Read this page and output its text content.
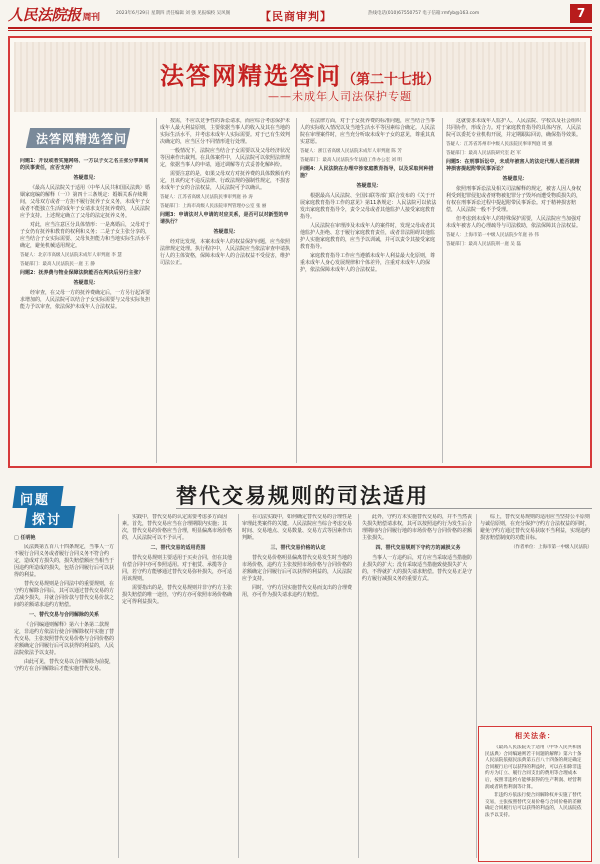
人民法院报 周刊	2023年6月29日 星期四 责任编辑 刘 强 见报编校 吴风阁	【民商审判】	热线电话(010)67550757 电子信箱:rmfyb@163.com	7
法答网精选答问（第二十七批）
——未成年人司法保护专题
法答网精选答问

问题1：开设或者实施网络、一方以子女之名主张分享离间的民事责任，应否支持？

答疑意见：

《最高人民法院关于适用〈中华人民共和国民法典〉婚姻家庭编的解释（一）》第四十三条规定：婚姻关系存续期间，父母双方或者一方拒不履行抚养子女义务，未成年子女或者不能独立生活的成年子女请求支付抚养费的，人民法院应予支持。上述规定确立了父母的法定抚养义务。

对此，应当注意区分具体情形：一是离婚后，父母对于子女仍有抚养和教育的权利和义务；二是子女主张分享的，应当结合子女实际需要、父母负担能力和当地实际生活水平确定，避免机械适用规定。

答疑人：北京市高级人民法院未成年人审判庭 李 慧

答疑部门：最高人民法院民一庭 王 静

问题2：抚养费与物业保障法院能否在判决后另行主张？

答疑意见：

经审查，在父母一方的抚养费确定后，一方另行起诉要求增加的，人民法院可以结合子女实际需要与父母实际负担能力予以审查，依法保护未成年人合法权益。

按需，不应以竞争性的诉讼请求，而应综合考虑保护未成年人最大利益原则，主要依据当事人的收入及其在当地的实际生活水平，并考虑未成年人实际需要。对于已有生效判决确定的，应当区分不同情形进行处理。

一般情况下，法院应当结合子女需要以及父母经济状况等因素作出裁判。在具体案件中，人民法院可以依照法律规定，依据当事人的申请，通过调解等方式妥善化解纠纷。

需要注意的是，如果父母双方对抚养费的具体数额有约定，且该约定不违反法律、行政法规的强制性规定，不损害未成年子女的合法权益，人民法院可予以确认。

答疑人：江苏省高级人民法院民事审判庭 孙 涛

答疑部门：上海市高级人民法院审判管理办公室 张 丽

问题3：申请法对人申请的对应关系，是否可以对新型的申请执行？

答疑意见：

经对比发现，本案未成年人的权益保护问题，应当依照法律规定处理。执行程序中，人民法院应当依法审查申请执行人的主体资格，保障未成年人的合法权益不受侵害，维护司法公正。

在法律方面，对于子女抚养费的标准问题，应当结合当事人的实际收入情况以及当地生活水平等因素综合确定。人民法院在审理案件时，应当充分听取未成年子女的意见，尊重其真实意愿。

答疑人：浙江省高级人民法院未成年人审判庭 陈 芳

答疑部门：最高人民法院少年法庭工作办公室 刘 明

问题4：人民法院在办理中涉家庭教育指导，以及采取何种措施？

答疑意见：

根据最高人民法院、全国妇联等部门联合发布的《关于开展家庭教育指导工作的意见》第11条规定：人民法院可以依法发出家庭教育指导令，责令父母或者其他监护人接受家庭教育指导。

人民法院在审理涉及未成年人的案件时，发现父母或者其他监护人拒绝、怠于履行家庭教育责任，或者非法阻碍其他监护人实施家庭教育的，应当予以训诫，并可以责令其接受家庭教育指导。

家庭教育指导工作应当遵循未成年人利益最大化原则，尊重未成年人身心发展规律和个体差异，注重对未成年人的保护，依法保障未成年人的合法权益。

这就要求未成年人监护人、人民法院、学校以及社会组织共同协作，形成合力。对于家庭教育指导的具体内容，人民法院可以委托专业机构开展，并定期跟踪回访，确保指导效果。

答疑人：江苏省苏州市中级人民法院民事审判庭 周 强

答疑部门：最高人民法院研究室 赵 军

问题5：在刑事诉讼中，未成年被害人的法定代理人能否就精神损害提起附带民事诉讼？

答疑意见：

依照刑事诉讼法及相关司法解释的规定，被害人因人身权利受到犯罪侵犯或者财物被犯罪分子毁坏而遭受物质损失的，有权在刑事诉讼过程中提起附带民事诉讼。对于精神损害赔偿，人民法院一般不予受理。

但考虑到未成年人的特殊保护需要，人民法院应当加强对未成年被害人的心理疏导与司法救助，依法保障其合法权益。

答疑人：上海市第一中级人民法院少年庭 孙 伟

答疑部门：最高人民法院刑一庭 吴 磊

问题
探讨
替代交易规则的司法适用
□ 任明艳

民法典第五百八十四条规定，当事人一方不履行合同义务或者履行合同义务不符合约定，造成对方损失的，损失赔偿额应当相当于因违约所造成的损失，包括合同履行后可以获得的利益。

替代交易规则是合同法中的重要规则，在守约方解除合同后，其可以通过替代交易的方式减少损失，并就合同价款与替代交易价款之间的差额请求违约方赔偿。

一、替代交易与合同解除的关系

《合同编通则解释》第六十条第二款规定，非违约方依法行使合同解除权并实施了替代交易，主张按照替代交易价格与合同价格的差额确定合同履行后可以获得的利益的，人民法院依法予以支持。

由此可见，替代交易以合同解除为前提，守约方在合同解除后才能实施替代交易。

实践中，替代交易的认定需要考虑多方面因素。首先，替代交易应当在合理期限内实施；其次，替代交易的价格应当合理，明显偏离市场价格的，人民法院可以不予认可。

二、替代交易的适用范围

替代交易规则主要适用于买卖合同，但在其他有偿合同中亦可参照适用。对于租赁、承揽等合同，若守约方能够通过替代交易弥补损失，亦可适用该规则。

需要指出的是，替代交易规则并非守约方主张损失赔偿的唯一途径，守约方亦可依照市场价格确定可得利益损失。

在司法实践中，如何确定替代交易的合理性是审理此类案件的关键。人民法院应当综合考虑交易时间、交易地点、交易数量、交易方式等因素作出判断。

三、替代交易价格的认定

替代交易价格明显偏离替代交易发生时当地的市场价格，违约方主张按照市场价格与合同价格的差额确定合同履行后可以获得的利益的，人民法院应予支持。

同时，守约方因实施替代交易而支出的合理费用，亦可作为损失请求违约方赔偿。

此外，守约方未实施替代交易的，并不当然丧失损失赔偿请求权，其可以按照违约行为发生后合理期间内合同履行地的市场价格与合同价格的差额主张损失。

四、替代交易规则下守约方的减损义务

当事人一方违约后，对方应当采取适当措施防止损失的扩大；没有采取适当措施致使损失扩大的，不得就扩大的损失请求赔偿。替代交易正是守约方履行减损义务的重要方式。

综上，替代交易规则的适用应当坚持公平原则与诚信原则，在充分保护守约方合法权益的同时，避免守约方通过替代交易获取不当利益，实现违约损害赔偿制度的功能目标。

（作者单位：上海市第一中级人民法院）

相关法条：

《最高人民法院关于适用〈中华人民共和国民法典〉合同编通则若干问题的解释》第六十条 人民法院依据民法典第五百八十四条的规定确定合同履行后可以获得的利益时，可以在扣除非违约方为订立、履行合同支出的费用等合理成本后，按照非违约方能够获得的生产利润、经营利润或者转售利润等计算。

非违约方依法行使合同解除权并实施了替代交易，主张按照替代交易价格与合同价格的差额确定合同履行后可以获得的利益的，人民法院依法予以支持。
